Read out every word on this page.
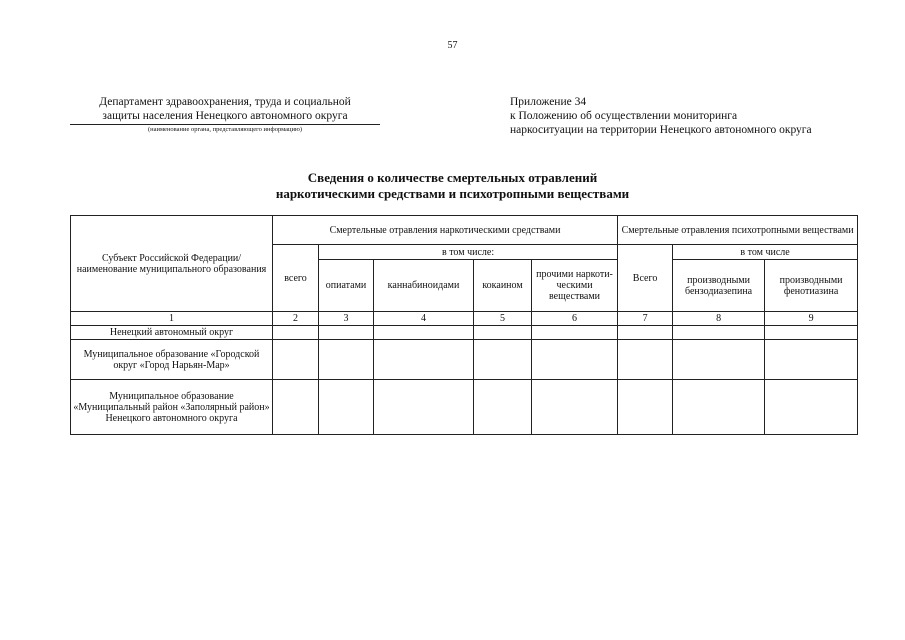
57
Департамент здравоохранения, труда и социальной
защиты населения Ненецкого автономного округа
(наименование органа, представляющего информацию)
Приложение 34
к Положению об осуществлении мониторинга
наркоситуации на территории Ненецкого автономного округа
Сведения о количестве смертельных отравлений
наркотическими средствами и психотропными веществами
Субъект Российской Федерации/ наименование муниципального образования	Смертельные отравления наркотическими средствами					Смертельные отравления психотропными веществами		
	всего	в том числе:				Всего	в том числе	
		опиатами	каннабиноидами	кокаином	прочими наркоти-ческими веществами		производными бензодиазепина	производными фенотиазина
1	2	3	4	5	6	7	8	9
Ненецкий автономный округ								
Муниципальное образование «Городской округ «Город Нарьян-Мар»								
Муниципальное образование «Муниципальный район «Заполярный район» Ненецкого автономного округа								
